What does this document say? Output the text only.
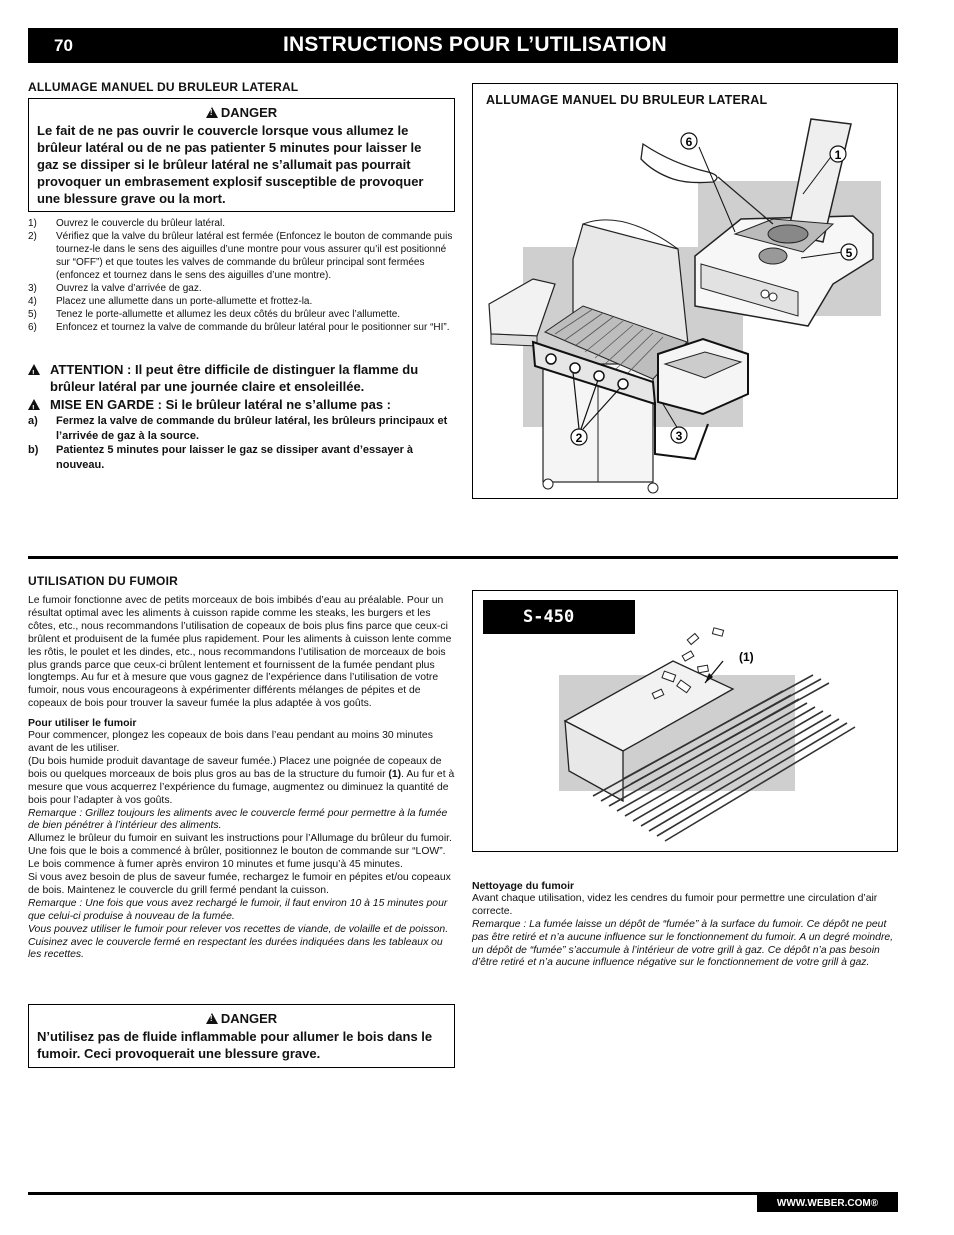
70	INSTRUCTIONS POUR L’UTILISATION
ALLUMAGE MANUEL DU BRULEUR LATERAL
!DANGER
Le fait de ne pas ouvrir le couvercle lorsque vous allumez le brûleur latéral ou de ne pas patienter 5 minutes pour laisser le gaz se dissiper si le brûleur latéral ne s’allumait pas pourrait provoquer un embrasement explosif susceptible de provoquer une blessure grave ou la mort.
1)	Ouvrez le couvercle du brûleur latéral.
2)	Vérifiez que la valve du brûleur latéral est fermée (Enfoncez le bouton de commande puis tournez-le dans le sens des aiguilles d’une montre pour vous assurer qu’il est positionné sur “OFF”) et que toutes les valves de commande du brûleur principal sont fermées (enfoncez et tournez dans le sens des aiguilles d’une montre).
3)	Ouvrez la valve d’arrivée de gaz.
4)	Placez une allumette dans un porte-allumette et frottez-la.
5)	Tenez le porte-allumette et allumez les deux côtés du brûleur avec l’allumette.
6)	Enfoncez et tournez la valve de commande du brûleur latéral pour le positionner sur “HI”.
!
ATTENTION : Il peut être difficile de distinguer la flamme du brûleur latéral par une journée claire et ensoleillée.
!
MISE EN GARDE : Si le brûleur latéral ne s’allume pas :
a)	Fermez la valve de commande du brûleur latéral, les brûleurs principaux et l’arrivée de gaz à la source.
b)	Patientez 5 minutes pour laisser le gaz se dissiper avant d’essayer à nouveau.
ALLUMAGE MANUEL DU BRULEUR LATERAL
6
1
5
2	3
UTILISATION DU FUMOIR
Le fumoir fonctionne avec de petits morceaux de bois imbibés d’eau au préalable. Pour un résultat optimal avec les aliments à cuisson rapide comme les steaks, les burgers et les côtes, etc., nous recommandons l’utilisation de copeaux de bois plus fins parce que ceux-ci brûlent et produisent de la fumée plus rapidement. Pour les aliments à cuisson lente comme les rôtis, le poulet et les dindes, etc., nous recommandons l’utilisation de morceaux de bois plus grands parce que ceux-ci brûlent lentement et fournissent de la fumée pendant plus longtemps. Au fur et à mesure que vous gagnez de l’expérience dans l’utilisation de votre fumoir, nous vous encourageons à expérimenter différents mélanges de pépites et de copeaux de bois pour trouver la saveur fumée la plus adaptée à vos goûts.
Pour utiliser le fumoir
Pour commencer, plongez les copeaux de bois dans l’eau pendant au moins 30 minutes avant de les utiliser.
(Du bois humide produit davantage de saveur fumée.) Placez une poignée de copeaux de bois ou quelques morceaux de bois plus gros au bas de la structure du fumoir (1). Au fur et à mesure que vous acquerrez l’expérience du fumage, augmentez ou diminuez la quantité de bois pour l’adapter à vos goûts.
Remarque : Grillez toujours les aliments avec le couvercle fermé pour permettre à la fumée de bien pénétrer à l’intérieur des aliments.
Allumez le brûleur du fumoir en suivant les instructions pour l’Allumage du brûleur du fumoir. Une fois que le bois a commencé à brûler, positionnez le bouton de commande sur “LOW”.
Le bois commence à fumer après environ 10 minutes et fume jusqu’à 45 minutes.
Si vous avez besoin de plus de saveur fumée, rechargez le fumoir en pépites et/ou copeaux de bois. Maintenez le couvercle du grill fermé pendant la cuisson.
Remarque : Une fois que vous avez rechargé le fumoir, il faut environ 10 à 15 minutes pour que celui-ci produise à nouveau de la fumée.
Vous pouvez utiliser le fumoir pour relever vos recettes de viande, de volaille et de poisson. Cuisinez avec le couvercle fermé en respectant les durées indiquées dans les tableaux ou les recettes.
!DANGER
N’utilisez pas de fluide inflammable pour allumer le bois dans le fumoir. Ceci provoquerait une blessure grave.
S-450
(1)
Nettoyage du fumoir
Avant chaque utilisation, videz les cendres du fumoir pour permettre une circulation d’air correcte.
Remarque : La fumée laisse un dépôt de “fumée” à la surface du fumoir. Ce dépôt ne peut pas être retiré et n’a aucune influence sur le fonctionnement du fumoir. A un degré moindre, un dépôt de “fumée” s’accumule à l’intérieur de votre grill à gaz. Ce dépôt n’a pas besoin d’être retiré et n’a aucune influence négative sur le fonctionnement de votre grill à gaz.
WWW.WEBER.COM®
